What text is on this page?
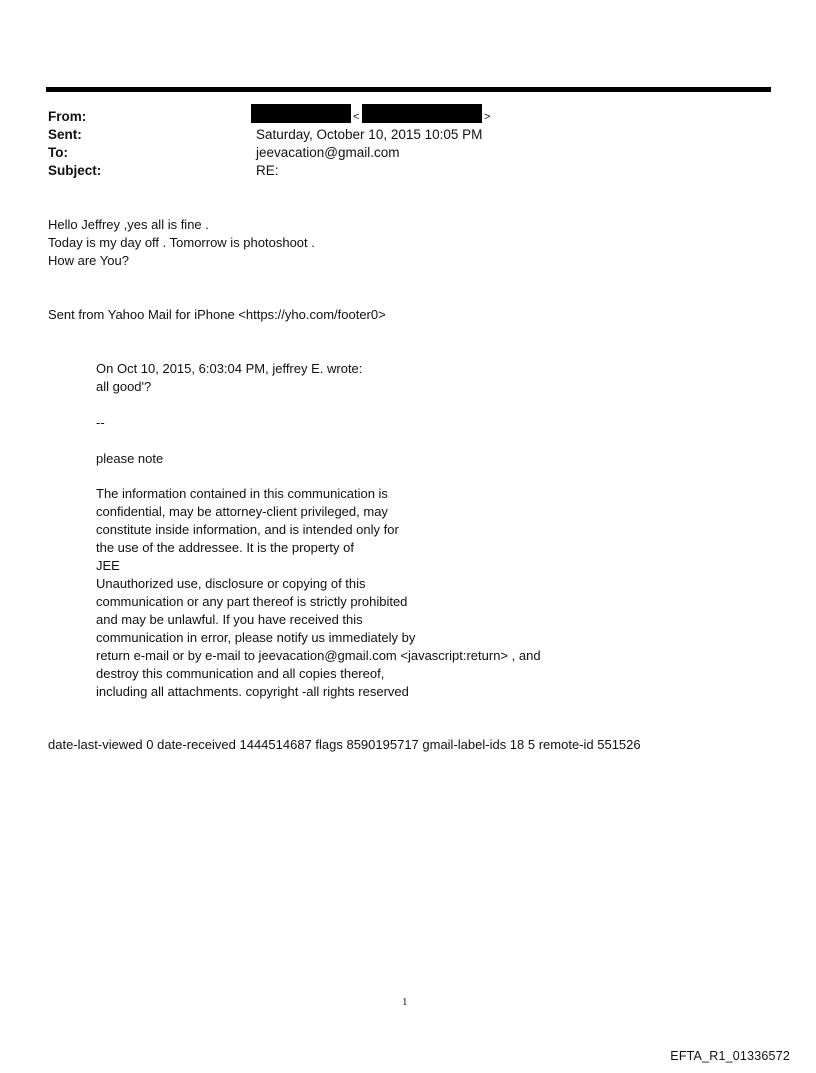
From:
Sent:
To:
Subject:
<	>
Saturday, October 10, 2015 10:05 PM
jeevacation@gmail.com
RE:
Hello Jeffrey ,yes all is fine .
Today is my day off . Tomorrow is photoshoot .
How are You?
Sent from Yahoo Mail for iPhone <https://yho.com/footer0>
On Oct 10, 2015, 6:03:04 PM, jeffrey E. wrote:
all good'?
--
please note
The information contained in this communication is
confidential, may be attorney-client privileged, may
constitute inside information, and is intended only for
the use of the addressee. It is the property of
JEE
Unauthorized use, disclosure or copying of this
communication or any part thereof is strictly prohibited
and may be unlawful. If you have received this
communication in error, please notify us immediately by
return e-mail or by e-mail to jeevacation@gmail.com <javascript:return> , and
destroy this communication and all copies thereof,
including all attachments. copyright -all rights reserved
date-last-viewed 0 date-received 1444514687 flags 8590195717 gmail-label-ids 18 5 remote-id 551526
1
EFTA_R1_01336572
